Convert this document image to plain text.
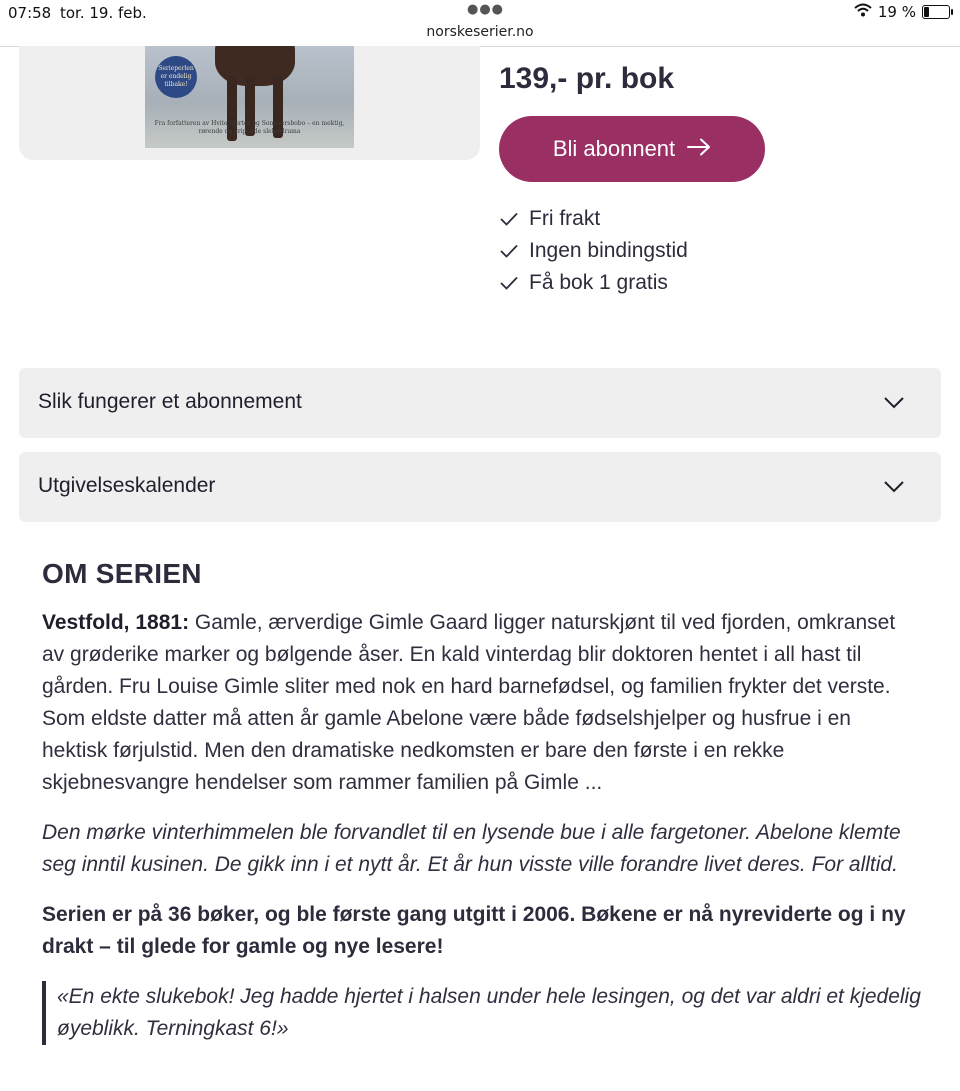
07:58 tor. 19. feb.	●●●
norskeserier.no
19 %
Serieperlen er endelig tilbake!
Fra forfatteren av Hvite hjerter og Sommersbobo – en mektig, rørende og gripende slektsdrama
139,- pr. bok
Bli abonnent
Fri frakt
Ingen bindingstid
Få bok 1 gratis
Slik fungerer et abonnement
Utgivelseskalender
OM SERIEN
Vestfold, 1881: Gamle, ærverdige Gimle Gaard ligger naturskjønt til ved fjorden, omkranset av grøderike marker og bølgende åser. En kald vinterdag blir doktoren hentet i all hast til gården. Fru Louise Gimle sliter med nok en hard barnefødsel, og familien frykter det verste. Som eldste datter må atten år gamle Abelone være både fødselshjelper og husfrue i en hektisk førjulstid. Men den dramatiske nedkomsten er bare den første i en rekke skjebnesvangre hendelser som rammer familien på Gimle ...
Den mørke vinterhimmelen ble forvandlet til en lysende bue i alle fargetoner. Abelone klemte seg inntil kusinen. De gikk inn i et nytt år. Et år hun visste ville forandre livet deres. For alltid.
Serien er på 36 bøker, og ble første gang utgitt i 2006. Bøkene er nå nyreviderte og i ny drakt – til glede for gamle og nye lesere!
«En ekte slukebok! Jeg hadde hjertet i halsen under hele lesingen, og det var aldri et kjedelig øyeblikk. Terningkast 6!»
